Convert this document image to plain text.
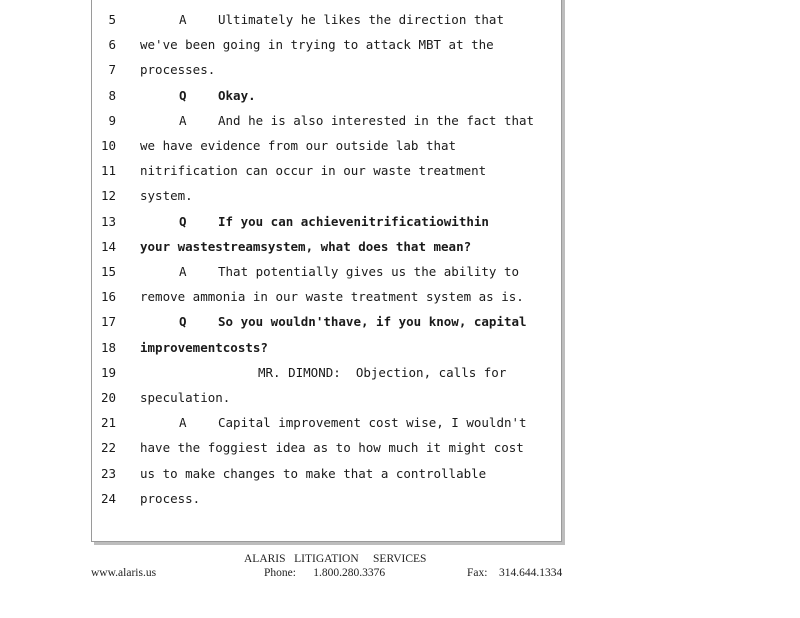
5	A	Ultimately he likes the direction that
6 we've been going in trying to attack MBT at the
7 processes.
8	Q	Okay.
9	A	And he is also interested in the fact that
10 we have evidence from our outside lab that
11 nitrification can occur in our waste treatment
12 system.
13	Q	If you can achievenitrificatiowithin
14 your wastestreamsystem, what does that mean?
15	A	That potentially gives us the ability to
16 remove ammonia in our waste treatment system as is.
17	Q	So you wouldn'thave, if you know, capital
18 improvementcosts?
19	MR. DIMOND:  Objection, calls for
20 speculation.
21	A	Capital improvement cost wise, I wouldn't
22 have the foggiest idea as to how much it might cost
23 us to make changes to make that a controllable
24 process.
ALARIS   LITIGATION     SERVICES
www.alaris.us	Phone:      1.800.280.3376	Fax:    314.644.1334
